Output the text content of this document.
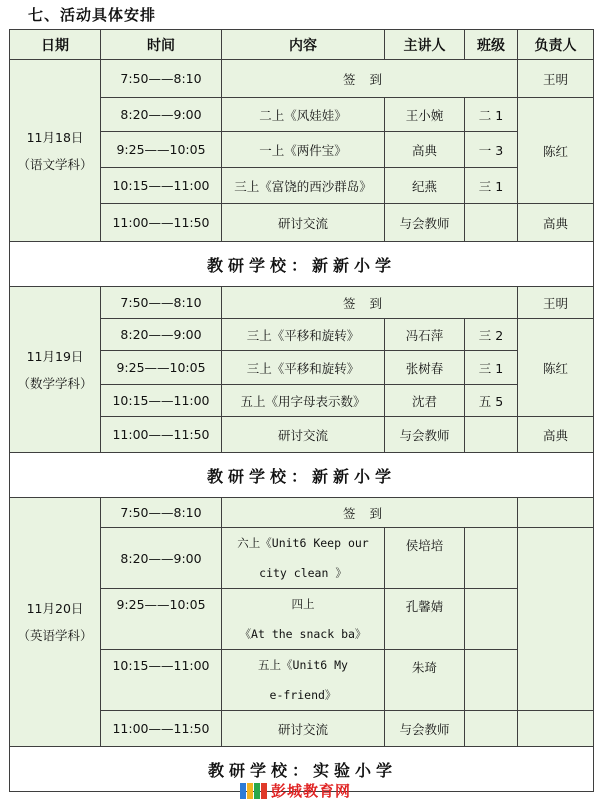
七、活动具体安排
日期	时间	内容	主讲人	班级	负责人

11月18日
（语文学科）	7:50——8:10	签到			王明
	8:20——9:00	二上《风娃娃》	王小婉	二 1	陈红
	9:25——10:05	一上《两件宝》	高典	一 3	
	10:15——11:00	三上《富饶的西沙群岛》	纪燕	三 1	
	11:00——11:50	研讨交流	与会教师		高典
教研学校：新新小学					

11月19日
（数学学科）	7:50——8:10	签到			王明
	8:20——9:00	三上《平移和旋转》	冯石萍	三 2	陈红
	9:25——10:05	三上《平移和旋转》	张树春	三 1	
	10:15——11:00	五上《用字母表示数》	沈君	五 5	
	11:00——11:50	研讨交流	与会教师		高典
教研学校：新新小学					

11月20日
（英语学科）	7:50——8:10	签到			
	8:20——9:00	六上《Unit6 Keep our
city clean 》	侯培培		
	9:25——10:05	四上
《At the snack ba》	孔馨婧		
	10:15——11:00	五上《Unit6 My
e-friend》	朱琦		
	11:00——11:50	研讨交流	与会教师		
教研学校：实验小学					
彭城教育网
